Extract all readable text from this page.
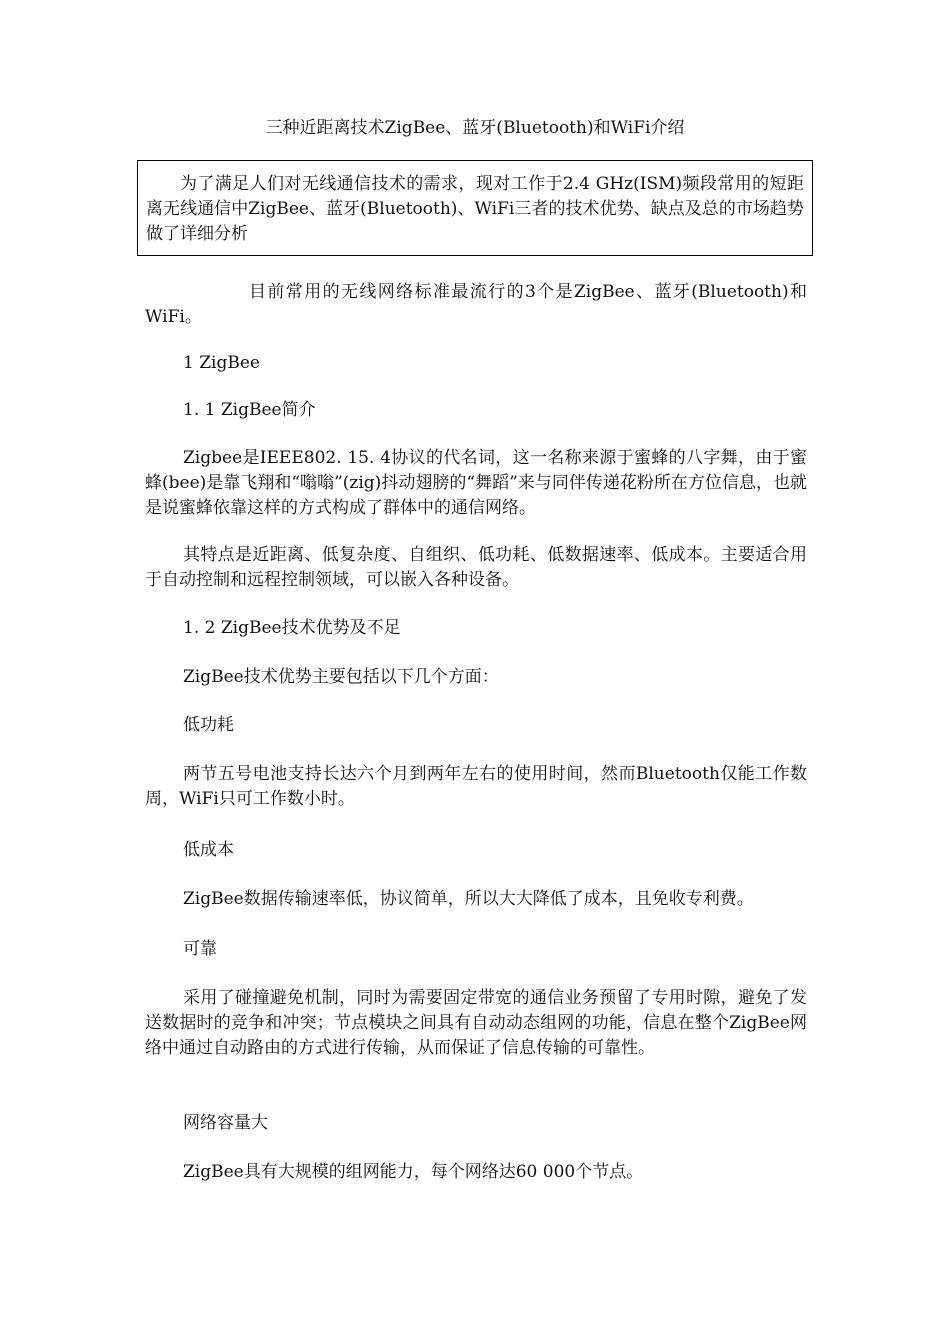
三种近距离技术ZigBee、蓝牙(Bluetooth)和WiFi介绍
为了满足人们对无线通信技术的需求，现对工作于2.4 GHz(ISM)频段常用的短距离无线通信中ZigBee、蓝牙(Bluetooth)、WiFi三者的技术优势、缺点及总的市场趋势做了详细分析
目前常用的无线网络标准最流行的3个是ZigBee、蓝牙(Bluetooth)和WiFi。
1 ZigBee
1. 1 ZigBee简介
Zigbee是IEEE802. 15. 4协议的代名词，这一名称来源于蜜蜂的八字舞，由于蜜蜂(bee)是靠飞翔和“嗡嗡”(zig)抖动翅膀的“舞蹈”来与同伴传递花粉所在方位信息，也就是说蜜蜂依靠这样的方式构成了群体中的通信网络。
其特点是近距离、低复杂度、自组织、低功耗、低数据速率、低成本。主要适合用于自动控制和远程控制领域，可以嵌入各种设备。
1. 2 ZigBee技术优势及不足
ZigBee技术优势主要包括以下几个方面：
低功耗
两节五号电池支持长达六个月到两年左右的使用时间，然而Bluetooth仅能工作数周，WiFi只可工作数小时。
低成本
ZigBee数据传输速率低，协议简单，所以大大降低了成本，且免收专利费。
可靠
采用了碰撞避免机制，同时为需要固定带宽的通信业务预留了专用时隙，避免了发送数据时的竞争和冲突；节点模块之间具有自动动态组网的功能，信息在整个ZigBee网络中通过自动路由的方式进行传输，从而保证了信息传输的可靠性。
网络容量大
ZigBee具有大规模的组网能力，每个网络达60 000个节点。
